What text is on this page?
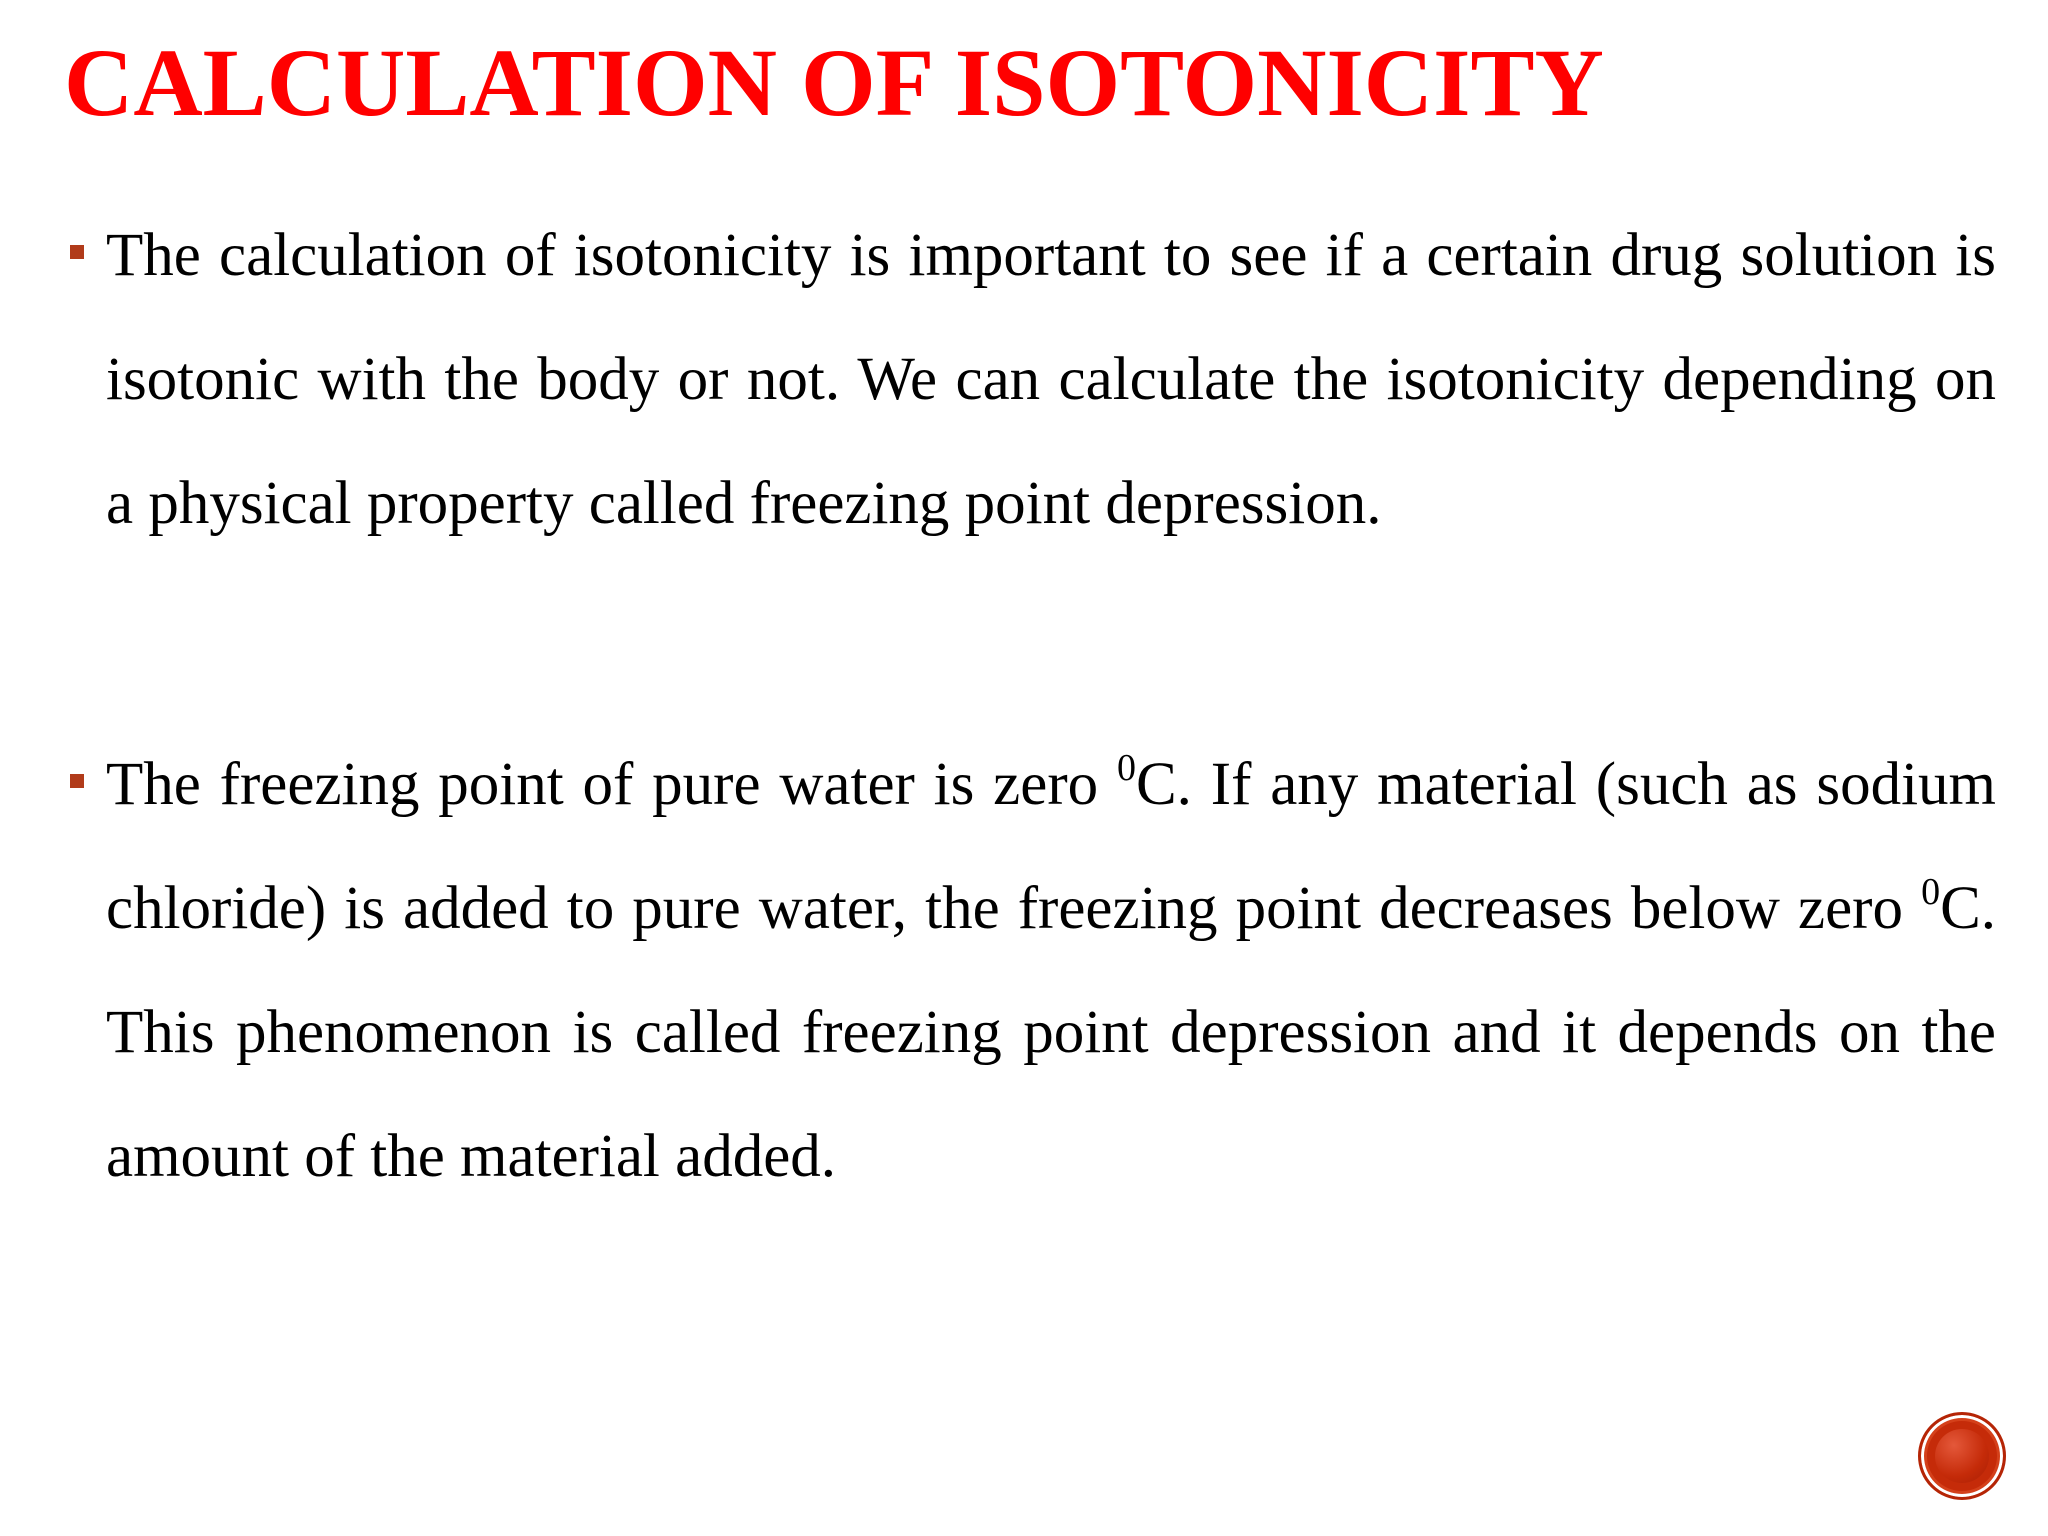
CALCULATION OF ISOTONICITY
The calculation of isotonicity is important to see if a certain drug solution is isotonic with the body or not. We can calculate the isotonicity depending on a physical property called freezing point depression.
The freezing point of pure water is zero $^0$C. If any material (such as sodium chloride) is added to pure water, the freezing point decreases below zero $^0$C. This phenomenon is called freezing point depression and it depends on the amount of the material added.
